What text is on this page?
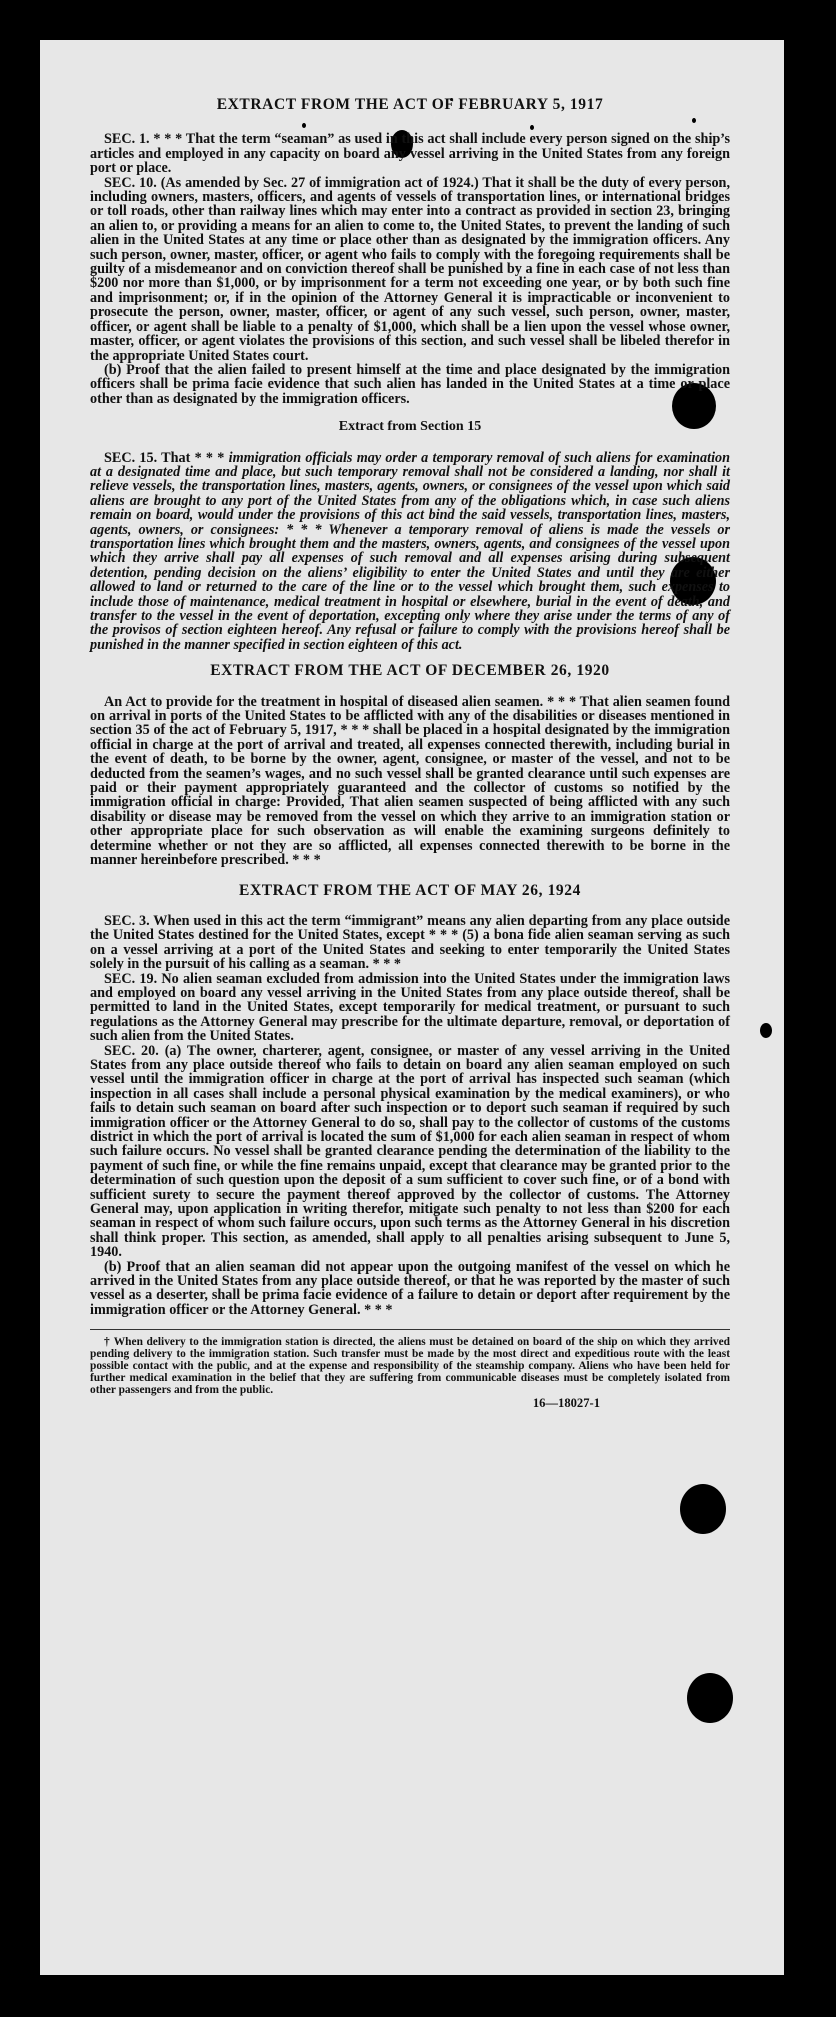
EXTRACT FROM THE ACT OF FEBRUARY 5, 1917

SEC. 1. * * * That the term “seaman” as used in this act shall include every person signed on the ship’s articles and employed in any capacity on board any vessel arriving in the United States from any foreign port or place.

SEC. 10. (As amended by Sec. 27 of immigration act of 1924.) That it shall be the duty of every person, including owners, masters, officers, and agents of vessels of transportation lines, or international bridges or toll roads, other than railway lines which may enter into a contract as provided in section 23, bringing an alien to, or providing a means for an alien to come to, the United States, to prevent the landing of such alien in the United States at any time or place other than as designated by the immigration officers. Any such person, owner, master, officer, or agent who fails to comply with the foregoing requirements shall be guilty of a misdemeanor and on conviction thereof shall be punished by a fine in each case of not less than $200 nor more than $1,000, or by imprisonment for a term not exceeding one year, or by both such fine and imprisonment; or, if in the opinion of the Attorney General it is impracticable or inconvenient to prosecute the person, owner, master, officer, or agent of any such vessel, such person, owner, master, officer, or agent shall be liable to a penalty of $1,000, which shall be a lien upon the vessel whose owner, master, officer, or agent violates the provisions of this section, and such vessel shall be libeled therefor in the appropriate United States court.

(b) Proof that the alien failed to present himself at the time and place designated by the immigration officers shall be prima facie evidence that such alien has landed in the United States at a time or place other than as designated by the immigration officers.

Extract from Section 15

SEC. 15. That * * * immigration officials may order a temporary removal of such aliens for examination at a designated time and place, but such temporary removal shall not be considered a landing, nor shall it relieve vessels, the transportation lines, masters, agents, owners, or consignees of the vessel upon which said aliens are brought to any port of the United States from any of the obligations which, in case such aliens remain on board, would under the provisions of this act bind the said vessels, transportation lines, masters, agents, owners, or consignees: * * * Whenever a temporary removal of aliens is made the vessels or transportation lines which brought them and the masters, owners, agents, and consignees of the vessel upon which they arrive shall pay all expenses of such removal and all expenses arising during subsequent detention, pending decision on the aliens’ eligibility to enter the United States and until they are either allowed to land or returned to the care of the line or to the vessel which brought them, such expenses to include those of maintenance, medical treatment in hospital or elsewhere, burial in the event of death, and transfer to the vessel in the event of deportation, excepting only where they arise under the terms of any of the provisos of section eighteen hereof. Any refusal or failure to comply with the provisions hereof shall be punished in the manner specified in section eighteen of this act.

EXTRACT FROM THE ACT OF DECEMBER 26, 1920

An Act to provide for the treatment in hospital of diseased alien seamen. * * * That alien seamen found on arrival in ports of the United States to be afflicted with any of the disabilities or diseases mentioned in section 35 of the act of February 5, 1917, * * * shall be placed in a hospital designated by the immigration official in charge at the port of arrival and treated, all expenses connected therewith, including burial in the event of death, to be borne by the owner, agent, consignee, or master of the vessel, and not to be deducted from the seamen’s wages, and no such vessel shall be granted clearance until such expenses are paid or their payment appropriately guaranteed and the collector of customs so notified by the immigration official in charge: Provided, That alien seamen suspected of being afflicted with any such disability or disease may be removed from the vessel on which they arrive to an immigration station or other appropriate place for such observation as will enable the examining surgeons definitely to determine whether or not they are so afflicted, all expenses connected therewith to be borne in the manner hereinbefore prescribed. * * *

EXTRACT FROM THE ACT OF MAY 26, 1924

SEC. 3. When used in this act the term “immigrant” means any alien departing from any place outside the United States destined for the United States, except * * * (5) a bona fide alien seaman serving as such on a vessel arriving at a port of the United States and seeking to enter temporarily the United States solely in the pursuit of his calling as a seaman. * * *

SEC. 19. No alien seaman excluded from admission into the United States under the immigration laws and employed on board any vessel arriving in the United States from any place outside thereof, shall be permitted to land in the United States, except temporarily for medical treatment, or pursuant to such regulations as the Attorney General may prescribe for the ultimate departure, removal, or deportation of such alien from the United States.

SEC. 20. (a) The owner, charterer, agent, consignee, or master of any vessel arriving in the United States from any place outside thereof who fails to detain on board any alien seaman employed on such vessel until the immigration officer in charge at the port of arrival has inspected such seaman (which inspection in all cases shall include a personal physical examination by the medical examiners), or who fails to detain such seaman on board after such inspection or to deport such seaman if required by such immigration officer or the Attorney General to do so, shall pay to the collector of customs of the customs district in which the port of arrival is located the sum of $1,000 for each alien seaman in respect of whom such failure occurs. No vessel shall be granted clearance pending the determination of the liability to the payment of such fine, or while the fine remains unpaid, except that clearance may be granted prior to the determination of such question upon the deposit of a sum sufficient to cover such fine, or of a bond with sufficient surety to secure the payment thereof approved by the collector of customs. The Attorney General may, upon application in writing therefor, mitigate such penalty to not less than $200 for each seaman in respect of whom such failure occurs, upon such terms as the Attorney General in his discretion shall think proper. This section, as amended, shall apply to all penalties arising subsequent to June 5, 1940.

(b) Proof that an alien seaman did not appear upon the outgoing manifest of the vessel on which he arrived in the United States from any place outside thereof, or that he was reported by the master of such vessel as a deserter, shall be prima facie evidence of a failure to detain or deport after requirement by the immigration officer or the Attorney General. * * *

† When delivery to the immigration station is directed, the aliens must be detained on board of the ship on which they arrived pending delivery to the immigration station. Such transfer must be made by the most direct and expeditious route with the least possible contact with the public, and at the expense and responsibility of the steamship company. Aliens who have been held for further medical examination in the belief that they are suffering from communicable diseases must be completely isolated from other passengers and from the public.

16—18027-1
